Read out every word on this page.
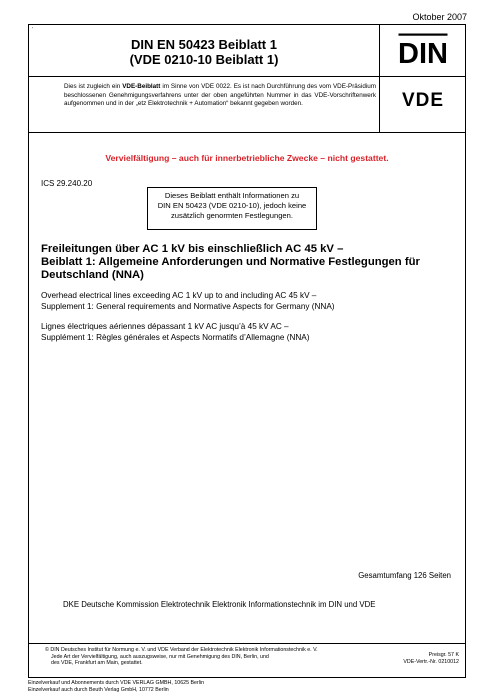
Oktober 2007
’
DIN EN 50423 Beiblatt 1
(VDE 0210-10 Beiblatt 1)	DIN
Dies ist zugleich ein VDE-Beiblatt im Sinne von VDE 0022. Es ist nach Durchführung des vom VDE-Präsidium beschlossenen Genehmigungsverfahrens unter der oben angeführten Nummer in das VDE-Vorschriftenwerk aufgenommen und in der „etz Elektrotechnik + Automation“ bekannt gegeben worden.	VDE
Vervielfältigung – auch für innerbetriebliche Zwecke – nicht gestattet.
ICS 29.240.20
Dieses Beiblatt enthält Informationen zu
DIN EN 50423 (VDE 0210-10), jedoch keine
zusätzlich genormten Festlegungen.
Freileitungen über AC 1 kV bis einschließlich AC 45 kV –
Beiblatt 1: Allgemeine Anforderungen und Normative Festlegungen für
Deutschland (NNA)
Overhead electrical lines exceeding AC 1 kV up to and including AC 45 kV –
Supplement 1: General requirements and Normative Aspects for Germany (NNA)
Lignes électriques aériennes dépassant 1 kV AC jusqu’à 45 kV AC –
Supplément 1: Règles générales et Aspects Normatifs d’Allemagne (NNA)
Gesamtumfang 126 Seiten
DKE Deutsche Kommission Elektrotechnik Elektronik Informationstechnik im DIN und VDE
© DIN Deutsches Institut für Normung e. V. und VDE Verband der Elektrotechnik Elektronik Informationstechnik e. V.
Jede Art der Vervielfältigung, auch auszugsweise, nur mit Genehmigung des DIN, Berlin, und
des VDE, Frankfurt am Main, gestattet.
Preisgr. 57 K
VDE-Vertr.-Nr. 0210012
Einzelverkauf und Abonnements durch VDE VERLAG GMBH, 10625 Berlin
Einzelverkauf auch durch Beuth Verlag GmbH, 10772 Berlin
